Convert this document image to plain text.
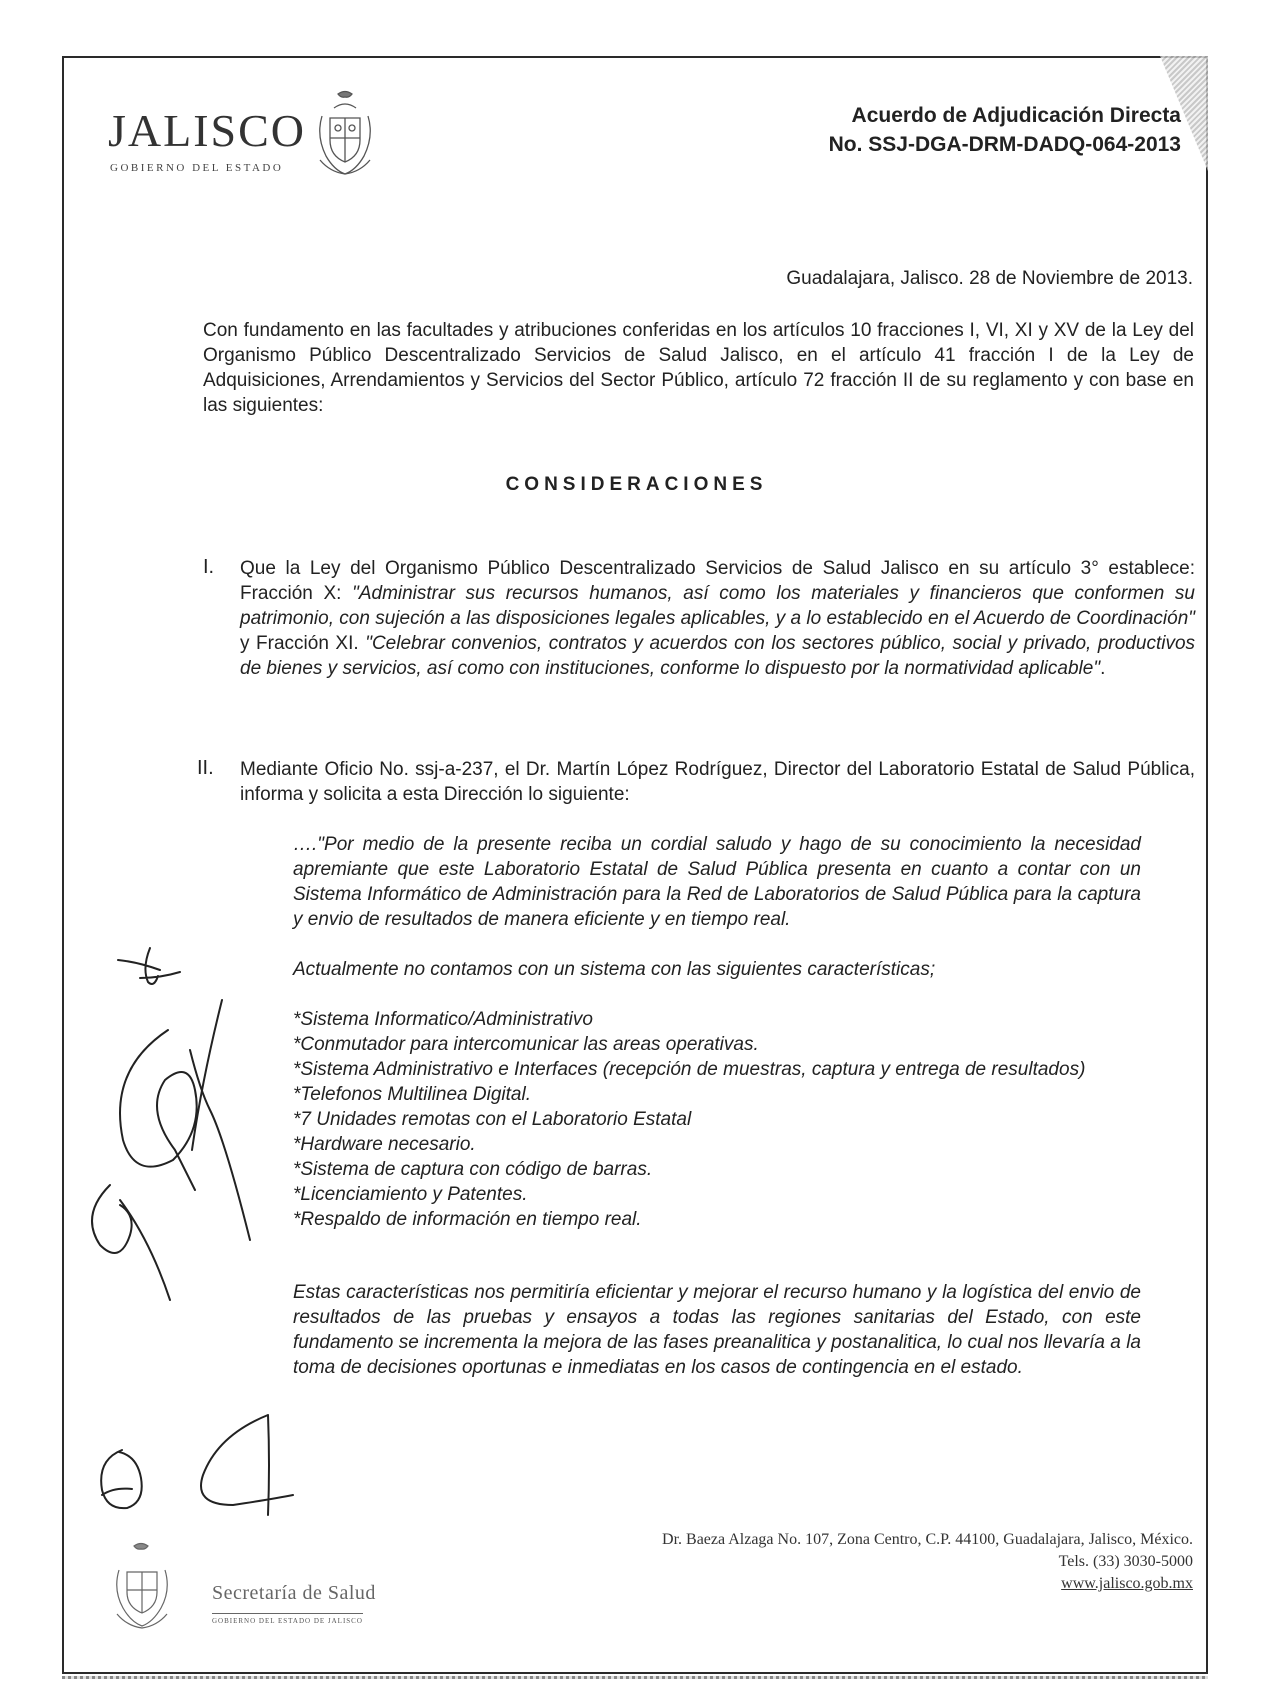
JALISCO
GOBIERNO DEL ESTADO
Acuerdo de Adjudicación Directa
No. SSJ-DGA-DRM-DADQ-064-2013
Guadalajara, Jalisco. 28 de Noviembre de 2013.
Con fundamento en las facultades y atribuciones conferidas en los artículos 10 fracciones I, VI, XI y XV de la Ley del Organismo Público Descentralizado Servicios de Salud Jalisco, en el artículo 41 fracción I de la Ley de Adquisiciones, Arrendamientos y Servicios del Sector Público, artículo 72 fracción II de su reglamento y con base en las siguientes:
CONSIDERACIONES
I. Que la Ley del Organismo Público Descentralizado Servicios de Salud Jalisco en su artículo 3° establece: Fracción X: "Administrar sus recursos humanos, así como los materiales y financieros que conformen su patrimonio, con sujeción a las disposiciones legales aplicables, y a lo establecido en el Acuerdo de Coordinación" y Fracción XI. "Celebrar convenios, contratos y acuerdos con los sectores público, social y privado, productivos de bienes y servicios, así como con instituciones, conforme lo dispuesto por la normatividad aplicable".
II. Mediante Oficio No. ssj-a-237, el Dr. Martín López Rodríguez, Director del Laboratorio Estatal de Salud Pública, informa y solicita a esta Dirección lo siguiente:
…."Por medio de la presente reciba un cordial saludo y hago de su conocimiento la necesidad apremiante que este Laboratorio Estatal de Salud Pública presenta en cuanto a contar con un Sistema Informático de Administración para la Red de Laboratorios de Salud Pública para la captura y envio de resultados de manera eficiente y en tiempo real.
Actualmente no contamos con un sistema con las siguientes características;
*Sistema Informatico/Administrativo
*Conmutador para intercomunicar las areas operativas.
*Sistema Administrativo e Interfaces (recepción de muestras, captura y entrega de resultados)
*Telefonos Multilinea Digital.
*7 Unidades remotas con el Laboratorio Estatal
*Hardware necesario.
*Sistema de captura con código de barras.
*Licenciamiento y Patentes.
*Respaldo de información en tiempo real.
Estas características nos permitiría eficientar y mejorar el recurso humano y la logística del envio de resultados de las pruebas y ensayos a todas las regiones sanitarias del Estado, con este fundamento se incrementa la mejora de las fases preanalitica y postanalitica, lo cual nos llevaría a la toma de decisiones oportunas e inmediatas en los casos de contingencia en el estado.
Dr. Baeza Alzaga No. 107, Zona Centro, C.P. 44100, Guadalajara, Jalisco, México.
Tels. (33) 3030-5000
www.jalisco.gob.mx
Secretaría de Salud
GOBIERNO DEL ESTADO DE JALISCO
